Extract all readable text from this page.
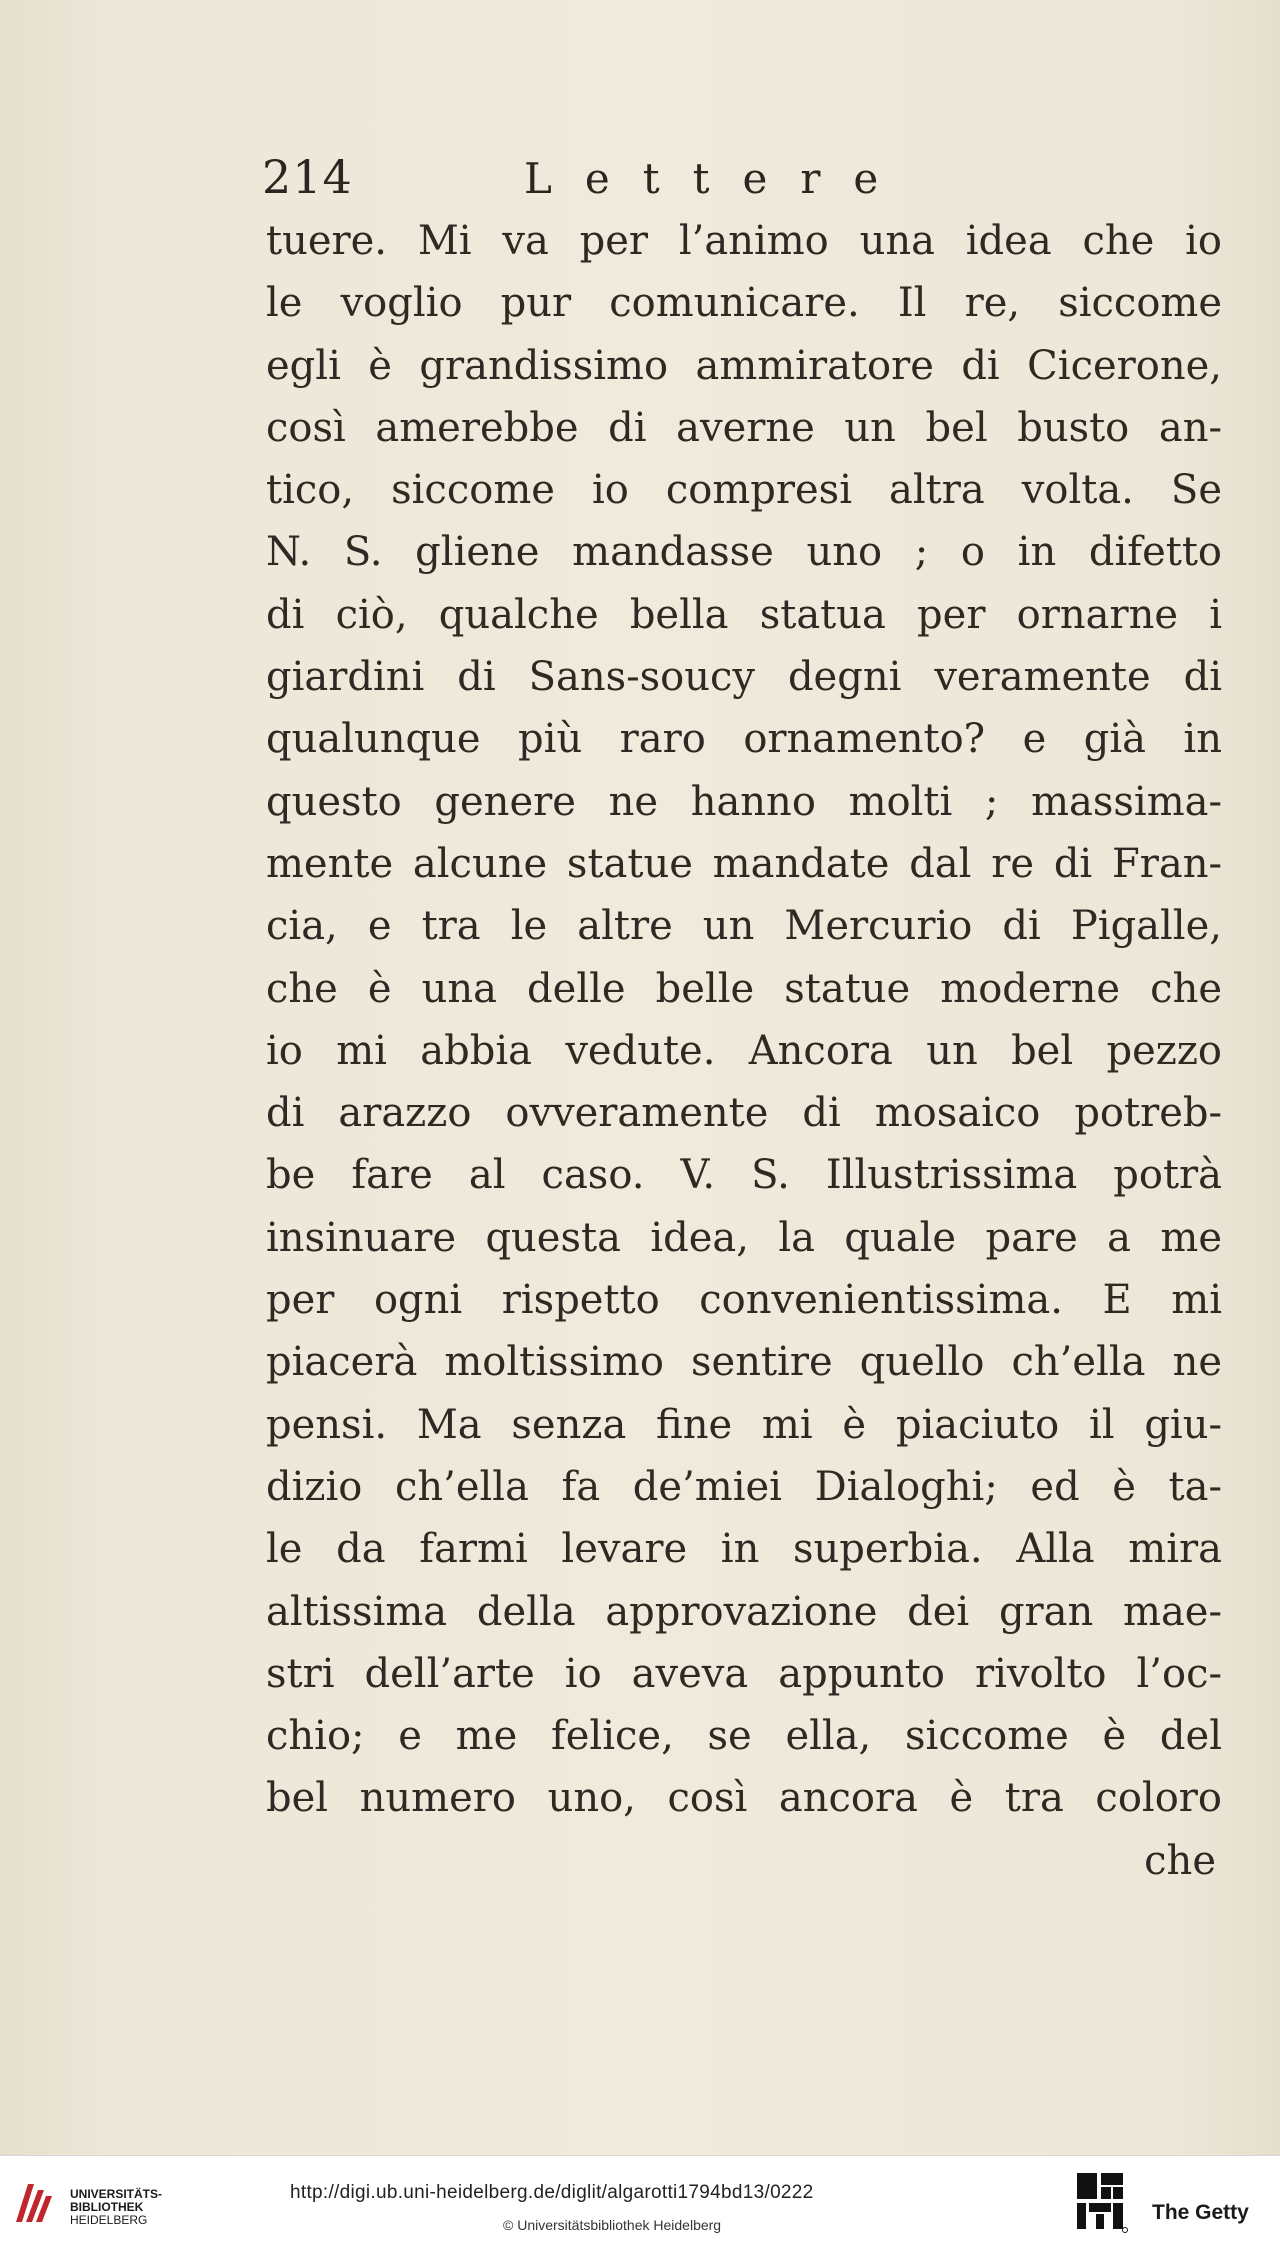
214	Lettere
tuere. Mi va per l’animo una idea che io
le voglio pur comunicare. Il re, siccome
egli è grandissimo ammiratore di Cicerone,
così amerebbe di averne un bel busto an-
tico, siccome io compresi altra volta. Se
N. S. gliene mandasse uno ; o in difetto
di ciò, qualche bella statua per ornarne i
giardini di Sans-soucy degni veramente di
qualunque più raro ornamento? e già in
questo genere ne hanno molti ; massima-
mente alcune statue mandate dal re di Fran-
cia, e tra le altre un Mercurio di Pigalle,
che è una delle belle statue moderne che
io mi abbia vedute. Ancora un bel pezzo
di arazzo ovveramente di mosaico potreb-
be fare al caso. V. S. Illustrissima potrà
insinuare questa idea, la quale pare a me
per ogni rispetto convenientissima. E mi
piacerà moltissimo sentire quello ch’ella ne
pensi. Ma senza fine mi è piaciuto il giu-
dizio ch’ella fa de’miei Dialoghi; ed è ta-
le da farmi levare in superbia. Alla mira
altissima della approvazione dei gran mae-
stri dell’arte io aveva appunto rivolto l’oc-
chio; e me felice, se ella, siccome è del
bel numero uno, così ancora è tra coloro
che
UNIVERSITÄTS-
BIBLIOTHEK
HEIDELBERG
http://digi.ub.uni-heidelberg.de/diglit/algarotti1794bd13/0222
© Universitätsbibliothek Heidelberg
The Getty
